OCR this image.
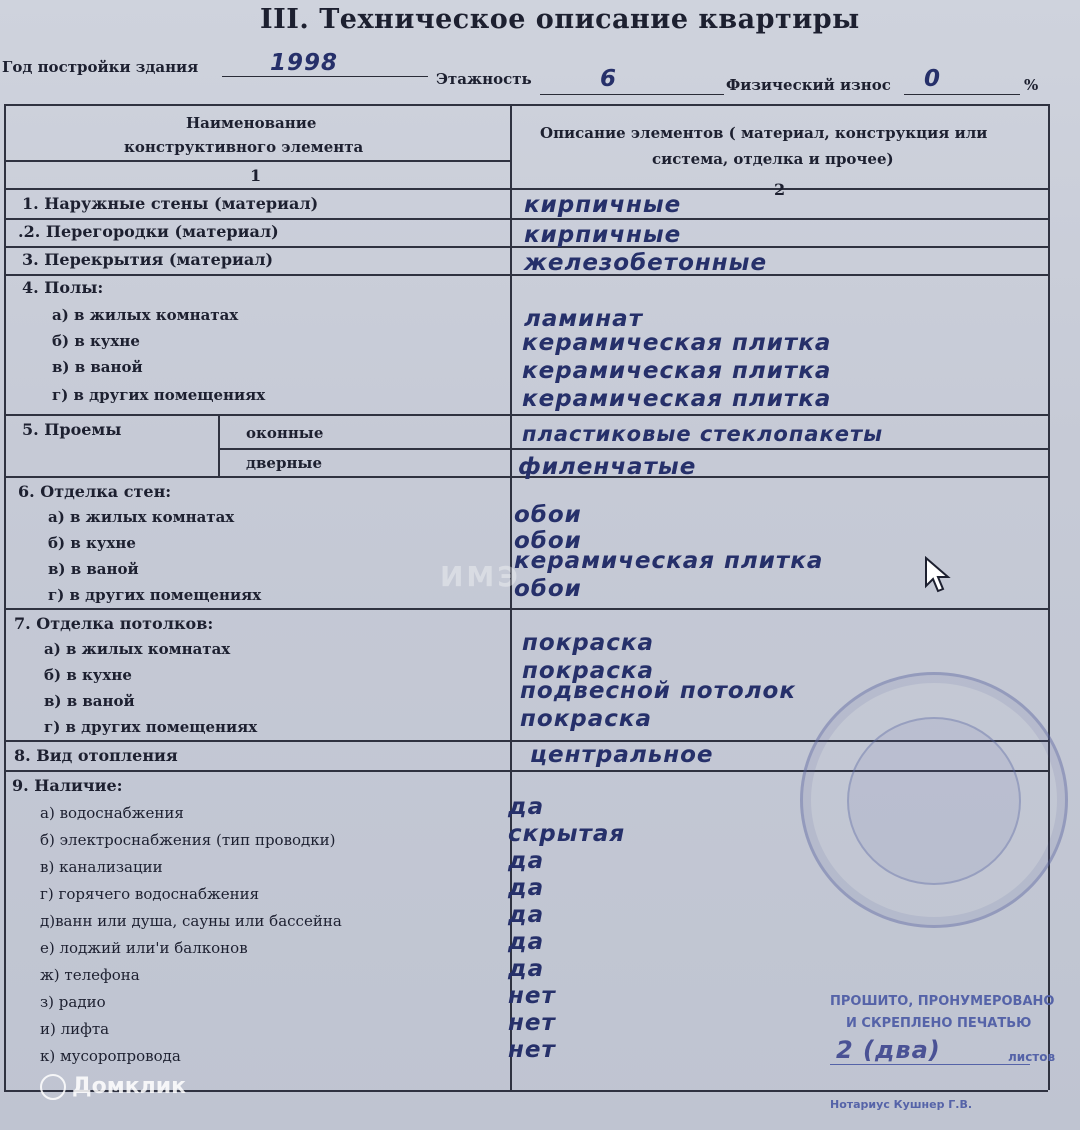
III. Техническое описание квартиры
Год постройки здания	1998
Этажность	6	Физический износ 0	%
Наименование
конструктивного элемента
Описание элементов ( материал, конструкция или
система, отделка и прочее)
1
2
1. Наружные стены (материал)	кирпичные
.2. Перегородки (материал)	кирпичные
3. Перекрытия (материал)	железобетонные
4. Полы:
а) в жилых комнатах	ламинат
б) в кухне	керамическая плитка
в) в ваной	керамическая плитка
г) в других помещениях	керамическая плитка
5. Проемы	оконные	пластиковые стеклопакеты
дверные	филенчатые
6. Отделка стен:
а) в жилых комнатах	обои
б) в кухне	обои
в) в ваной	керамическая плитка
г) в других помещениях	обои
7. Отделка потолков:
а) в жилых комнатах	покраска
б) в кухне	покраска
в) в ваной	подвесной потолок
г) в других помещениях	покраска
8. Вид отопления	центральное
9. Наличие:
а) водоснабжения	да
б) электроснабжения (тип проводки)	скрытая
в) канализации	да
г) горячего водоснабжения	да
д)ванн или душа, сауны или бассейна	да
е) лоджий или'и балконов	да
ж) телефона	да
з) радио	нет
и) лифта	нет
к) мусоропровода	нет
ПРОШИТО, ПРОНУМЕРОВАНО
И СКРЕПЛЕНО ПЕЧАТЬЮ
2 (два)	листов
Нотариус Кушнер Г.В.
ИМЭ
Домклик
